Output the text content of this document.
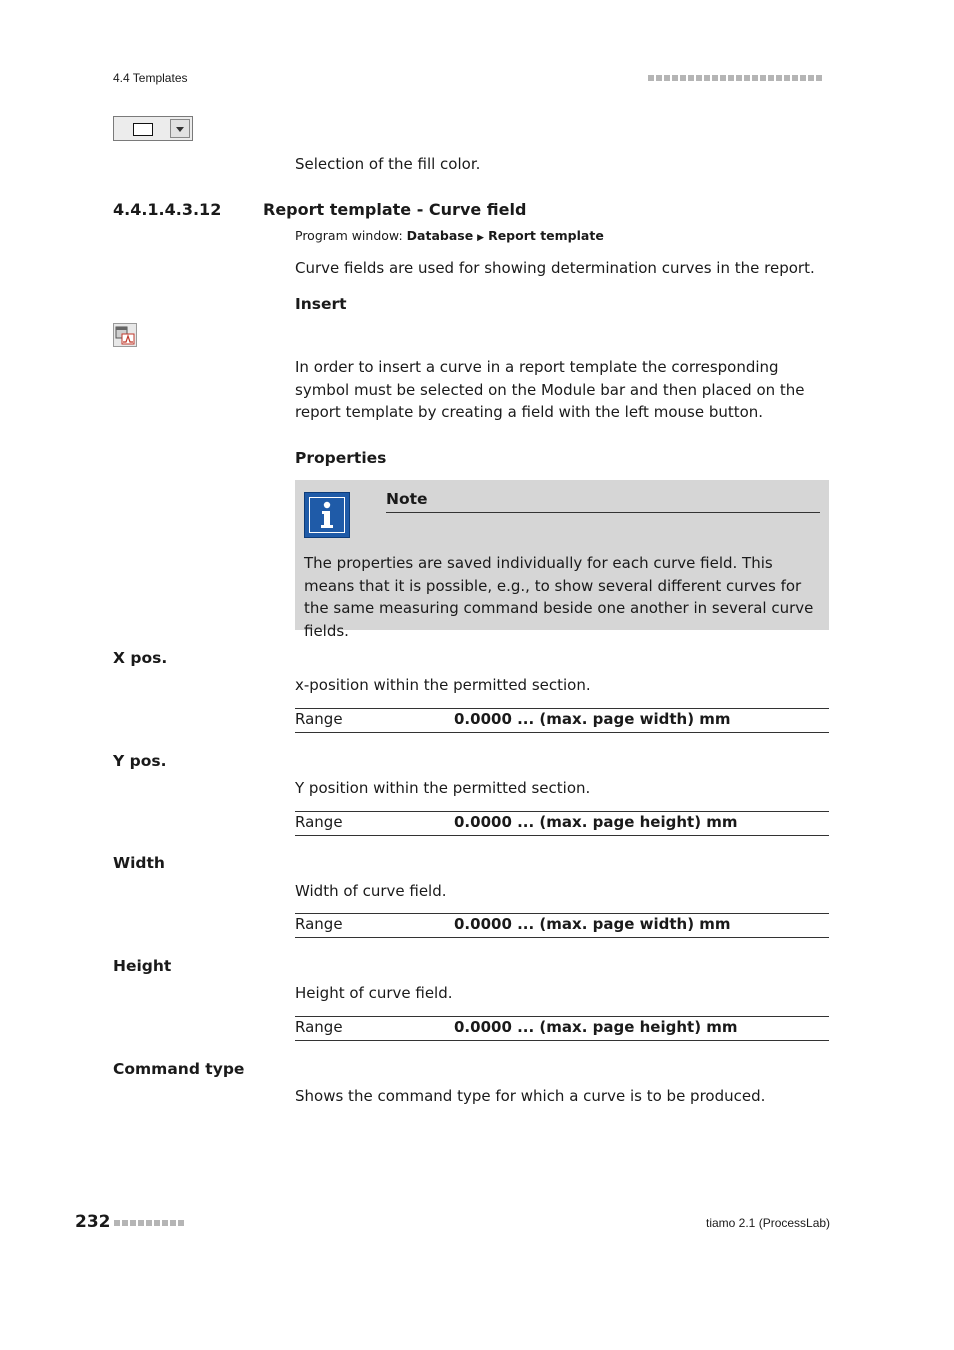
4.4 Templates
Selection of the fill color.
4.4.1.4.3.12	Report template - Curve field
Program window: Database ▶ Report template
Curve fields are used for showing determination curves in the report.
Insert
In order to insert a curve in a report template the corresponding symbol must be selected on the Module bar and then placed on the report template by creating a field with the left mouse button.
Properties
Note
The properties are saved individually for each curve field. This means that it is possible, e.g., to show several different curves for the same measuring command beside one another in several curve fields.
X pos.
x-position within the permitted section.
Range	0.0000 ... (max. page width) mm
Y pos.
Y position within the permitted section.
Range	0.0000 ... (max. page height) mm
Width
Width of curve field.
Range	0.0000 ... (max. page width) mm
Height
Height of curve field.
Range	0.0000 ... (max. page height) mm
Command type
Shows the command type for which a curve is to be produced.
232	tiamo 2.1 (ProcessLab)
